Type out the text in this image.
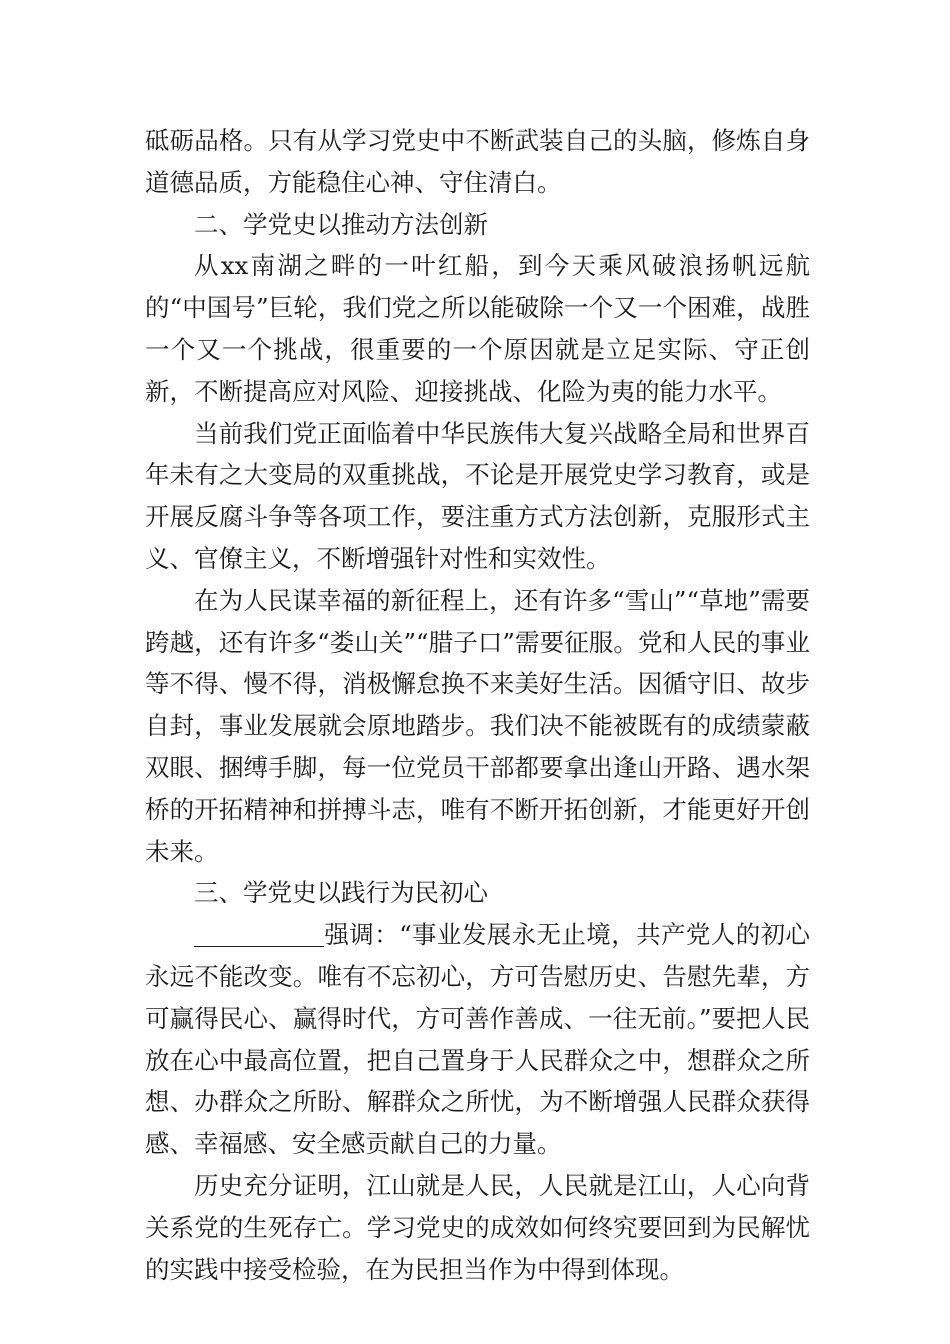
砥砺品格。只有从学习党史中不断武装自己的头脑，修炼自身道德品质，方能稳住心神、守住清白。

二、学党史以推动方法创新

从xx南湖之畔的一叶红船，到今天乘风破浪扬帆远航的“中国号”巨轮，我们党之所以能破除一个又一个困难，战胜一个又一个挑战，很重要的一个原因就是立足实际、守正创新，不断提高应对风险、迎接挑战、化险为夷的能力水平。

当前我们党正面临着中华民族伟大复兴战略全局和世界百年未有之大变局的双重挑战，不论是开展党史学习教育，或是开展反腐斗争等各项工作，要注重方式方法创新，克服形式主义、官僚主义，不断增强针对性和实效性。

在为人民谋幸福的新征程上，还有许多“雪山”“草地”需要跨越，还有许多“娄山关”“腊子口”需要征服。党和人民的事业等不得、慢不得，消极懈怠换不来美好生活。因循守旧、故步自封，事业发展就会原地踏步。我们决不能被既有的成绩蒙蔽双眼、捆缚手脚，每一位党员干部都要拿出逢山开路、遇水架桥的开拓精神和拼搏斗志，唯有不断开拓创新，才能更好开创未来。

三、学党史以践行为民初心

强调：“事业发展永无止境，共产党人的初心永远不能改变。唯有不忘初心，方可告慰历史、告慰先辈，方可赢得民心、赢得时代，方可善作善成、一往无前。”要把人民放在心中最高位置，把自己置身于人民群众之中，想群众之所想、办群众之所盼、解群众之所忧，为不断增强人民群众获得感、幸福感、安全感贡献自己的力量。

历史充分证明，江山就是人民，人民就是江山，人心向背关系党的生死存亡。学习党史的成效如何终究要回到为民解忧的实践中接受检验，在为民担当作为中得到体现。
